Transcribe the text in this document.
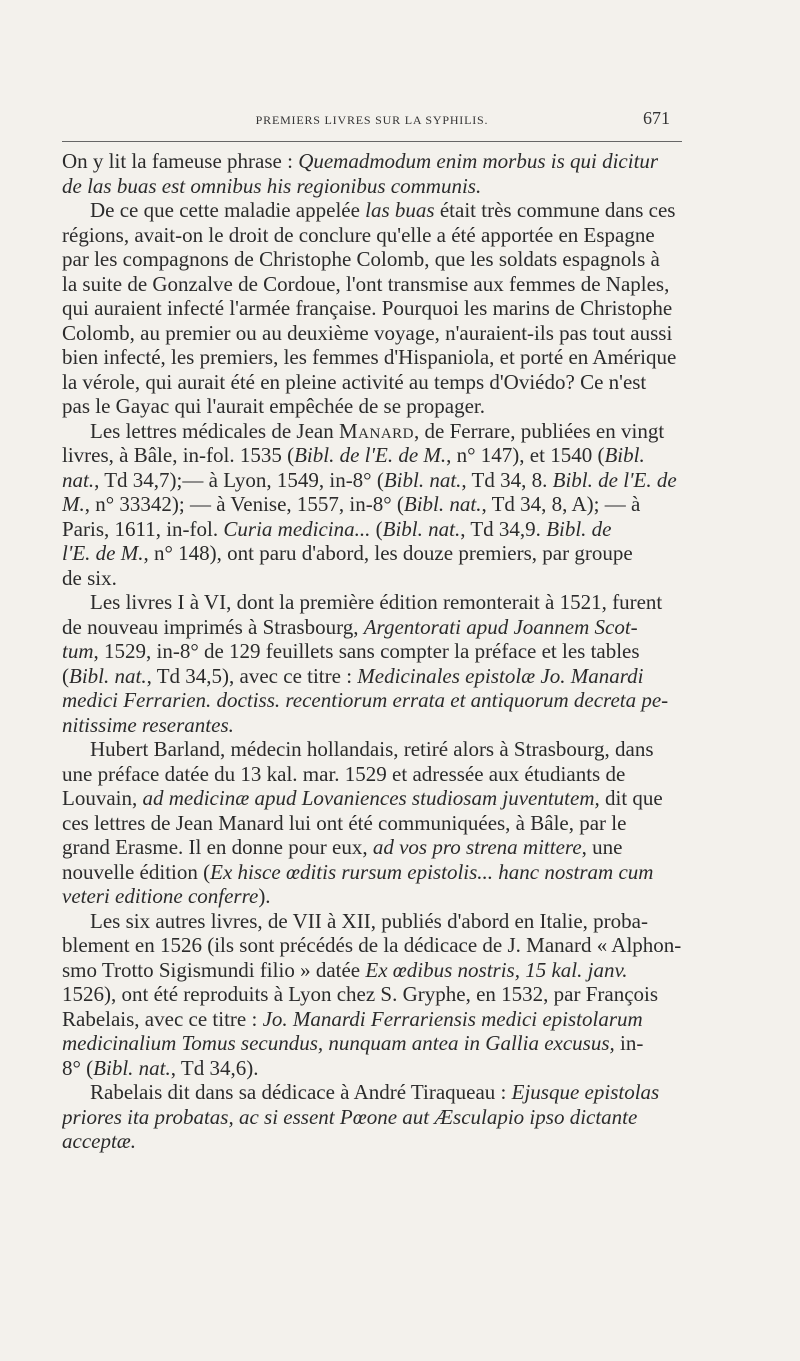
PREMIERS LIVRES SUR LA SYPHILIS.	671
On y lit la fameuse phrase : Quemadmodum enim morbus is qui dicitur
de las buas est omnibus his regionibus communis.
De ce que cette maladie appelée las buas était très commune dans ces
régions, avait-on le droit de conclure qu'elle a été apportée en Espagne
par les compagnons de Christophe Colomb, que les soldats espagnols à
la suite de Gonzalve de Cordoue, l'ont transmise aux femmes de Naples,
qui auraient infecté l'armée française. Pourquoi les marins de Christophe
Colomb, au premier ou au deuxième voyage, n'auraient-ils pas tout aussi
bien infecté, les premiers, les femmes d'Hispaniola, et porté en Amérique
la vérole, qui aurait été en pleine activité au temps d'Oviédo? Ce n'est
pas le Gayac qui l'aurait empêchée de se propager.
Les lettres médicales de Jean Manard, de Ferrare, publiées en vingt
livres, à Bâle, in-fol. 1535 (Bibl. de l'E. de M., n° 147), et 1540 (Bibl.
nat., Td 34,7);— à Lyon, 1549, in-8° (Bibl. nat., Td 34, 8. Bibl. de l'E. de
M., n° 33342); — à Venise, 1557, in-8° (Bibl. nat., Td 34, 8, A); — à
Paris, 1611, in-fol. Curia medicina... (Bibl. nat., Td 34,9. Bibl. de
l'E. de M., n° 148), ont paru d'abord, les douze premiers, par groupe
de six.
Les livres I à VI, dont la première édition remonterait à 1521, furent
de nouveau imprimés à Strasbourg, Argentorati apud Joannem Scot-
tum, 1529, in-8° de 129 feuillets sans compter la préface et les tables
(Bibl. nat., Td 34,5), avec ce titre : Medicinales epistolæ Jo. Manardi
medici Ferrarien. doctiss. recentiorum errata et antiquorum decreta pe-
nitissime reserantes.
Hubert Barland, médecin hollandais, retiré alors à Strasbourg, dans
une préface datée du 13 kal. mar. 1529 et adressée aux étudiants de
Louvain, ad medicinæ apud Lovaniences studiosam juventutem, dit que
ces lettres de Jean Manard lui ont été communiquées, à Bâle, par le
grand Erasme. Il en donne pour eux, ad vos pro strena mittere, une
nouvelle édition (Ex hisce œditis rursum epistolis... hanc nostram cum
veteri editione conferre).
Les six autres livres, de VII à XII, publiés d'abord en Italie, proba-
blement en 1526 (ils sont précédés de la dédicace de J. Manard « Alphon-
smo Trotto Sigismundi filio » datée Ex œdibus nostris, 15 kal. janv.
1526), ont été reproduits à Lyon chez S. Gryphe, en 1532, par François
Rabelais, avec ce titre : Jo. Manardi Ferrariensis medici epistolarum
medicinalium Tomus secundus, nunquam antea in Gallia excusus, in-
8° (Bibl. nat., Td 34,6).
Rabelais dit dans sa dédicace à André Tiraqueau : Ejusque epistolas
priores ita probatas, ac si essent Pœone aut Æsculapio ipso dictante
acceptæ.
